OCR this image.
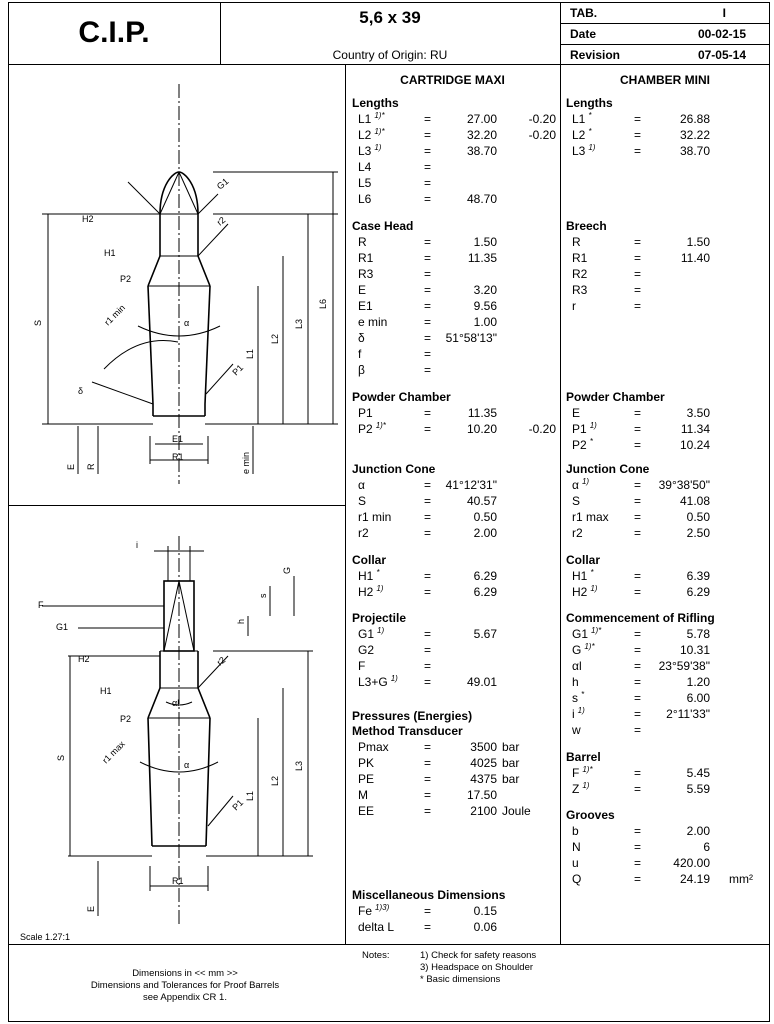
C.I.P.	5,6 x 39
Country of Origin: RU
TAB.	I
Date	00-02-15
Revision	07-05-14
CARTRIDGE MAXI	CHAMBER MINI
Lengths
L1 $^{1)*}$	=	27.00	-0.20
L2 $^{1)*}$	=	32.20	-0.20
L3 $^{1)}$	=	38.70
L4	=
L5	=
L6	=	48.70
Case Head
R	=	1.50
R1	=	11.35
R3	=
E	=	3.20
E1	=	9.56
e min	=	1.00
δ	= 51°58'13"
f	=
β	=
Powder Chamber
P1	=	11.35
P2 $^{1)*}$	=	10.20	-0.20
Junction Cone
α	= 41°12'31"
S	=	40.57
r1 min	=	0.50
r2	=	2.00
Collar
H1 *	=	6.29
H2 $^{1)}$	=	6.29
Projectile
G1 $^{1)}$	=	5.67
G2	=
F	=
L3+G $^{1)}$ =	49.01
Pressures (Energies)
Method Transducer
Pmax	=	3500 bar
PK	=	4025 bar
PE	=	4375 bar
M	=	17.50
EE	=	2100 Joule
Miscellaneous Dimensions
Fe $^{1)3)}$	=	0.15
delta L =	0.06
Lengths
L1 *	=	26.88
L2 *	=	32.22
L3 $^{1)}$	=	38.70
Breech
R	=	1.50
R1	=	11.40
R2	=
R3	=
r	=
Powder Chamber
E	=	3.50
P1 $^{1)}$	=	11.34
P2 *	=	10.24
Junction Cone
α $^{1)}$	= 39°38'50"
S	=	41.08
r1 max =	0.50
r2	=	2.50
Collar
H1 *	=	6.39
H2 $^{1)}$	=	6.29
Commencement of Rifling
G1 $^{1)*}$	=	5.78
G $^{1)*}$	=	10.31
αl	= 23°59'38"
h	=	1.20
s *	=	6.00
i $^{1)}$	= 2°11'33"
w	=
Barrel
F $^{1)*}$	=	5.45
Z $^{1)}$	=	5.59
Grooves
b	=	2.00
N	=	6
u	=	420.00
Q	=	24.19 mm²
H2
G1
r2
H1
P2
r1 min
S	α
L6
L3
L2
L1
δ
P1
E1
R1
E R	e min
i
G
s
F
h
G1
H2	r2
H1
αl
P2
r1 max
S
α	L3
L2
L1
P1
R1
E
Scale 1.27:1
Dimensions in << mm >>
Dimensions and Tolerances for Proof Barrels
see Appendix CR 1.
Notes:	1) Check for safety reasons
3) Headspace on Shoulder
* Basic dimensions
